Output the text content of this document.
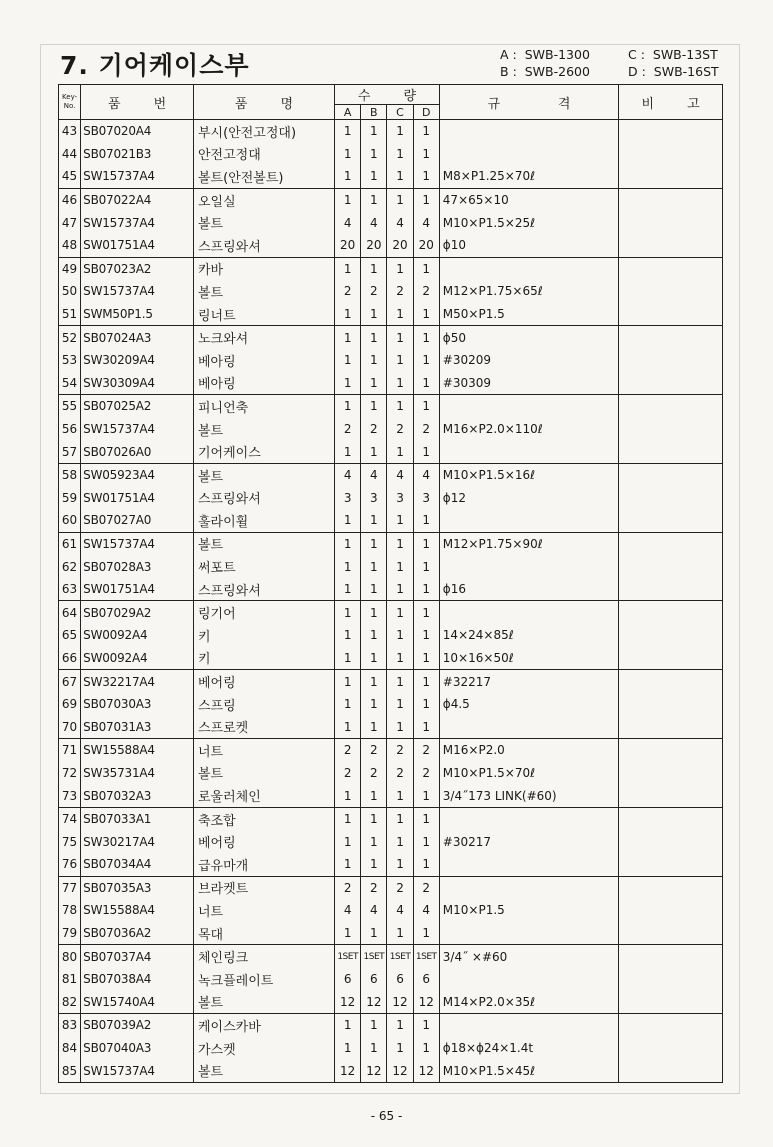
7. 기어케이스부	A : SWB-1300
B : SWB-2600
C : SWB-13ST
D : SWB-16ST
Key-
No.	품        번	품        명	수        량				규              격	비        고
			A	B	C	D		
43	SB07020A4	부시(안전고정대)	1	1	1	1		
44	SB07021B3	안전고정대	1	1	1	1		
45	SW15737A4	볼트(안전볼트)	1	1	1	1	M8×P1.25×70ℓ	
46	SB07022A4	오일실	1	1	1	1	47×65×10	
47	SW15737A4	볼트	4	4	4	4	M10×P1.5×25ℓ	
48	SW01751A4	스프링와셔	20	20	20	20	ϕ10	
49	SB07023A2	카바	1	1	1	1		
50	SW15737A4	볼트	2	2	2	2	M12×P1.75×65ℓ	
51	SWM50P1.5	링너트	1	1	1	1	M50×P1.5	
52	SB07024A3	노크와셔	1	1	1	1	ϕ50	
53	SW30209A4	베아링	1	1	1	1	#30209	
54	SW30309A4	베아링	1	1	1	1	#30309	
55	SB07025A2	피니언축	1	1	1	1		
56	SW15737A4	볼트	2	2	2	2	M16×P2.0×110ℓ	
57	SB07026A0	기어케이스	1	1	1	1		
58	SW05923A4	볼트	4	4	4	4	M10×P1.5×16ℓ	
59	SW01751A4	스프링와셔	3	3	3	3	ϕ12	
60	SB07027A0	훌라이휠	1	1	1	1		
61	SW15737A4	볼트	1	1	1	1	M12×P1.75×90ℓ	
62	SB07028A3	써포트	1	1	1	1		
63	SW01751A4	스프링와셔	1	1	1	1	ϕ16	
64	SB07029A2	링기어	1	1	1	1		
65	SW0092A4	키	1	1	1	1	14×24×85ℓ	
66	SW0092A4	키	1	1	1	1	10×16×50ℓ	
67	SW32217A4	베어링	1	1	1	1	#32217	
69	SB07030A3	스프링	1	1	1	1	ϕ4.5	
70	SB07031A3	스프로켓	1	1	1	1		
71	SW15588A4	너트	2	2	2	2	M16×P2.0	
72	SW35731A4	볼트	2	2	2	2	M10×P1.5×70ℓ	
73	SB07032A3	로울러체인	1	1	1	1	3/4˝173 LINK(#60)	
74	SB07033A1	축조합	1	1	1	1		
75	SW30217A4	베어링	1	1	1	1	#30217	
76	SB07034A4	급유마개	1	1	1	1		
77	SB07035A3	브라켓트	2	2	2	2		
78	SW15588A4	너트	4	4	4	4	M10×P1.5	
79	SB07036A2	목대	1	1	1	1		
80	SB07037A4	체인링크	1SET	1SET	1SET	1SET	3/4˝ ×#60	
81	SB07038A4	녹크플레이트	6	6	6	6		
82	SW15740A4	볼트	12	12	12	12	M14×P2.0×35ℓ	
83	SB07039A2	케이스카바	1	1	1	1		
84	SB07040A3	가스켓	1	1	1	1	ϕ18×ϕ24×1.4t	
85	SW15737A4	볼트	12	12	12	12	M10×P1.5×45ℓ	
- 65 -
